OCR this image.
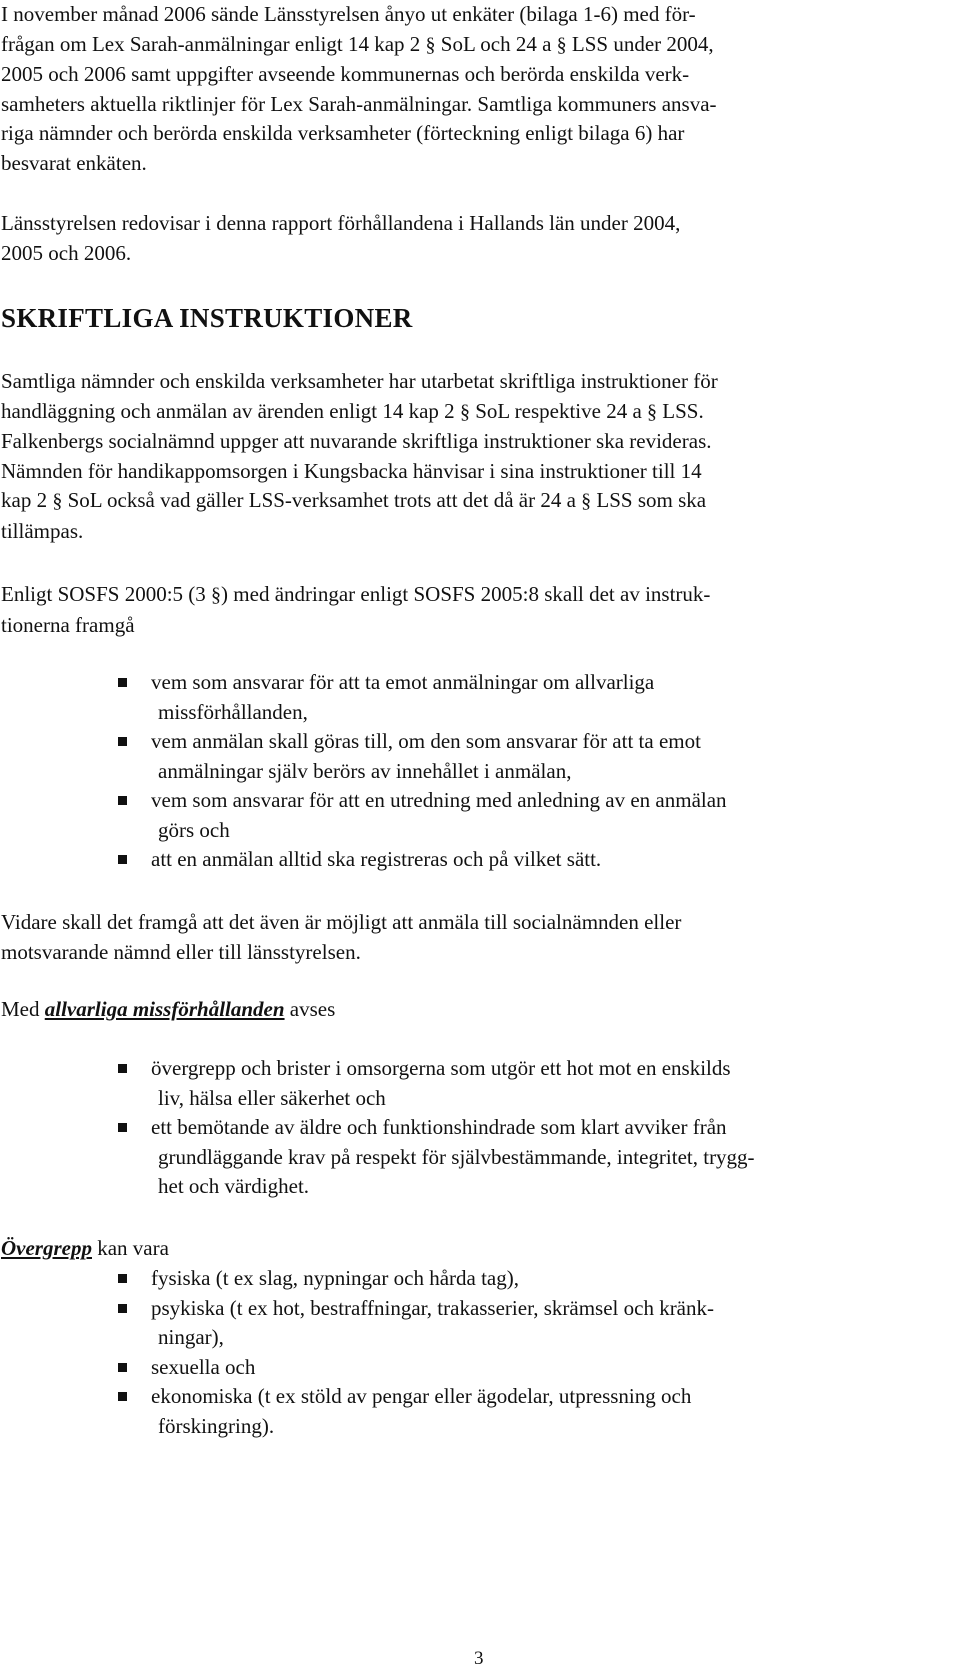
I november månad 2006 sände Länsstyrelsen ånyo ut enkäter (bilaga 1-6) med för-
frågan om Lex Sarah-anmälningar enligt 14 kap 2 § SoL och 24 a § LSS under 2004,
2005 och 2006 samt uppgifter avseende kommunernas och berörda enskilda verk-
samheters aktuella riktlinjer för Lex Sarah-anmälningar. Samtliga kommuners ansva-
riga nämnder och berörda enskilda verksamheter (förteckning enligt bilaga 6) har
besvarat enkäten.
Länsstyrelsen redovisar i denna rapport förhållandena i Hallands län under 2004,
2005 och 2006.
SKRIFTLIGA INSTRUKTIONER
Samtliga nämnder och enskilda verksamheter har utarbetat skriftliga instruktioner för
handläggning och anmälan av ärenden enligt 14 kap 2 § SoL respektive 24 a § LSS.
Falkenbergs socialnämnd uppger att nuvarande skriftliga instruktioner ska revideras.
Nämnden för handikappomsorgen i Kungsbacka hänvisar i sina instruktioner till 14
kap 2 § SoL också vad gäller LSS-verksamhet trots att det då är 24 a § LSS som ska
tillämpas.
Enligt SOSFS 2000:5 (3 §) med ändringar enligt SOSFS 2005:8 skall det av instruk-
tionerna framgå
vem som ansvarar för att ta emot anmälningar om allvarliga
missförhållanden,
vem anmälan skall göras till, om den som ansvarar för att ta emot
anmälningar själv berörs av innehållet i anmälan,
vem som ansvarar för att en utredning med anledning av en anmälan
görs och
att en anmälan alltid ska registreras och på vilket sätt.
Vidare skall det framgå att det även är möjligt att anmäla till socialnämnden eller
motsvarande nämnd eller till länsstyrelsen.
Med allvarliga missförhållanden avses
övergrepp och brister i omsorgerna som utgör ett hot mot en enskilds
liv, hälsa eller säkerhet och
ett bemötande av äldre och funktionshindrade som klart avviker från
grundläggande krav på respekt för självbestämmande, integritet, trygg-
het och värdighet.
Övergrepp kan vara
fysiska (t ex slag, nypningar och hårda tag),
psykiska (t ex hot, bestraffningar, trakasserier, skrämsel och kränk-
ningar),
sexuella och
ekonomiska (t ex stöld av pengar eller ägodelar, utpressning och
förskingring).
3
